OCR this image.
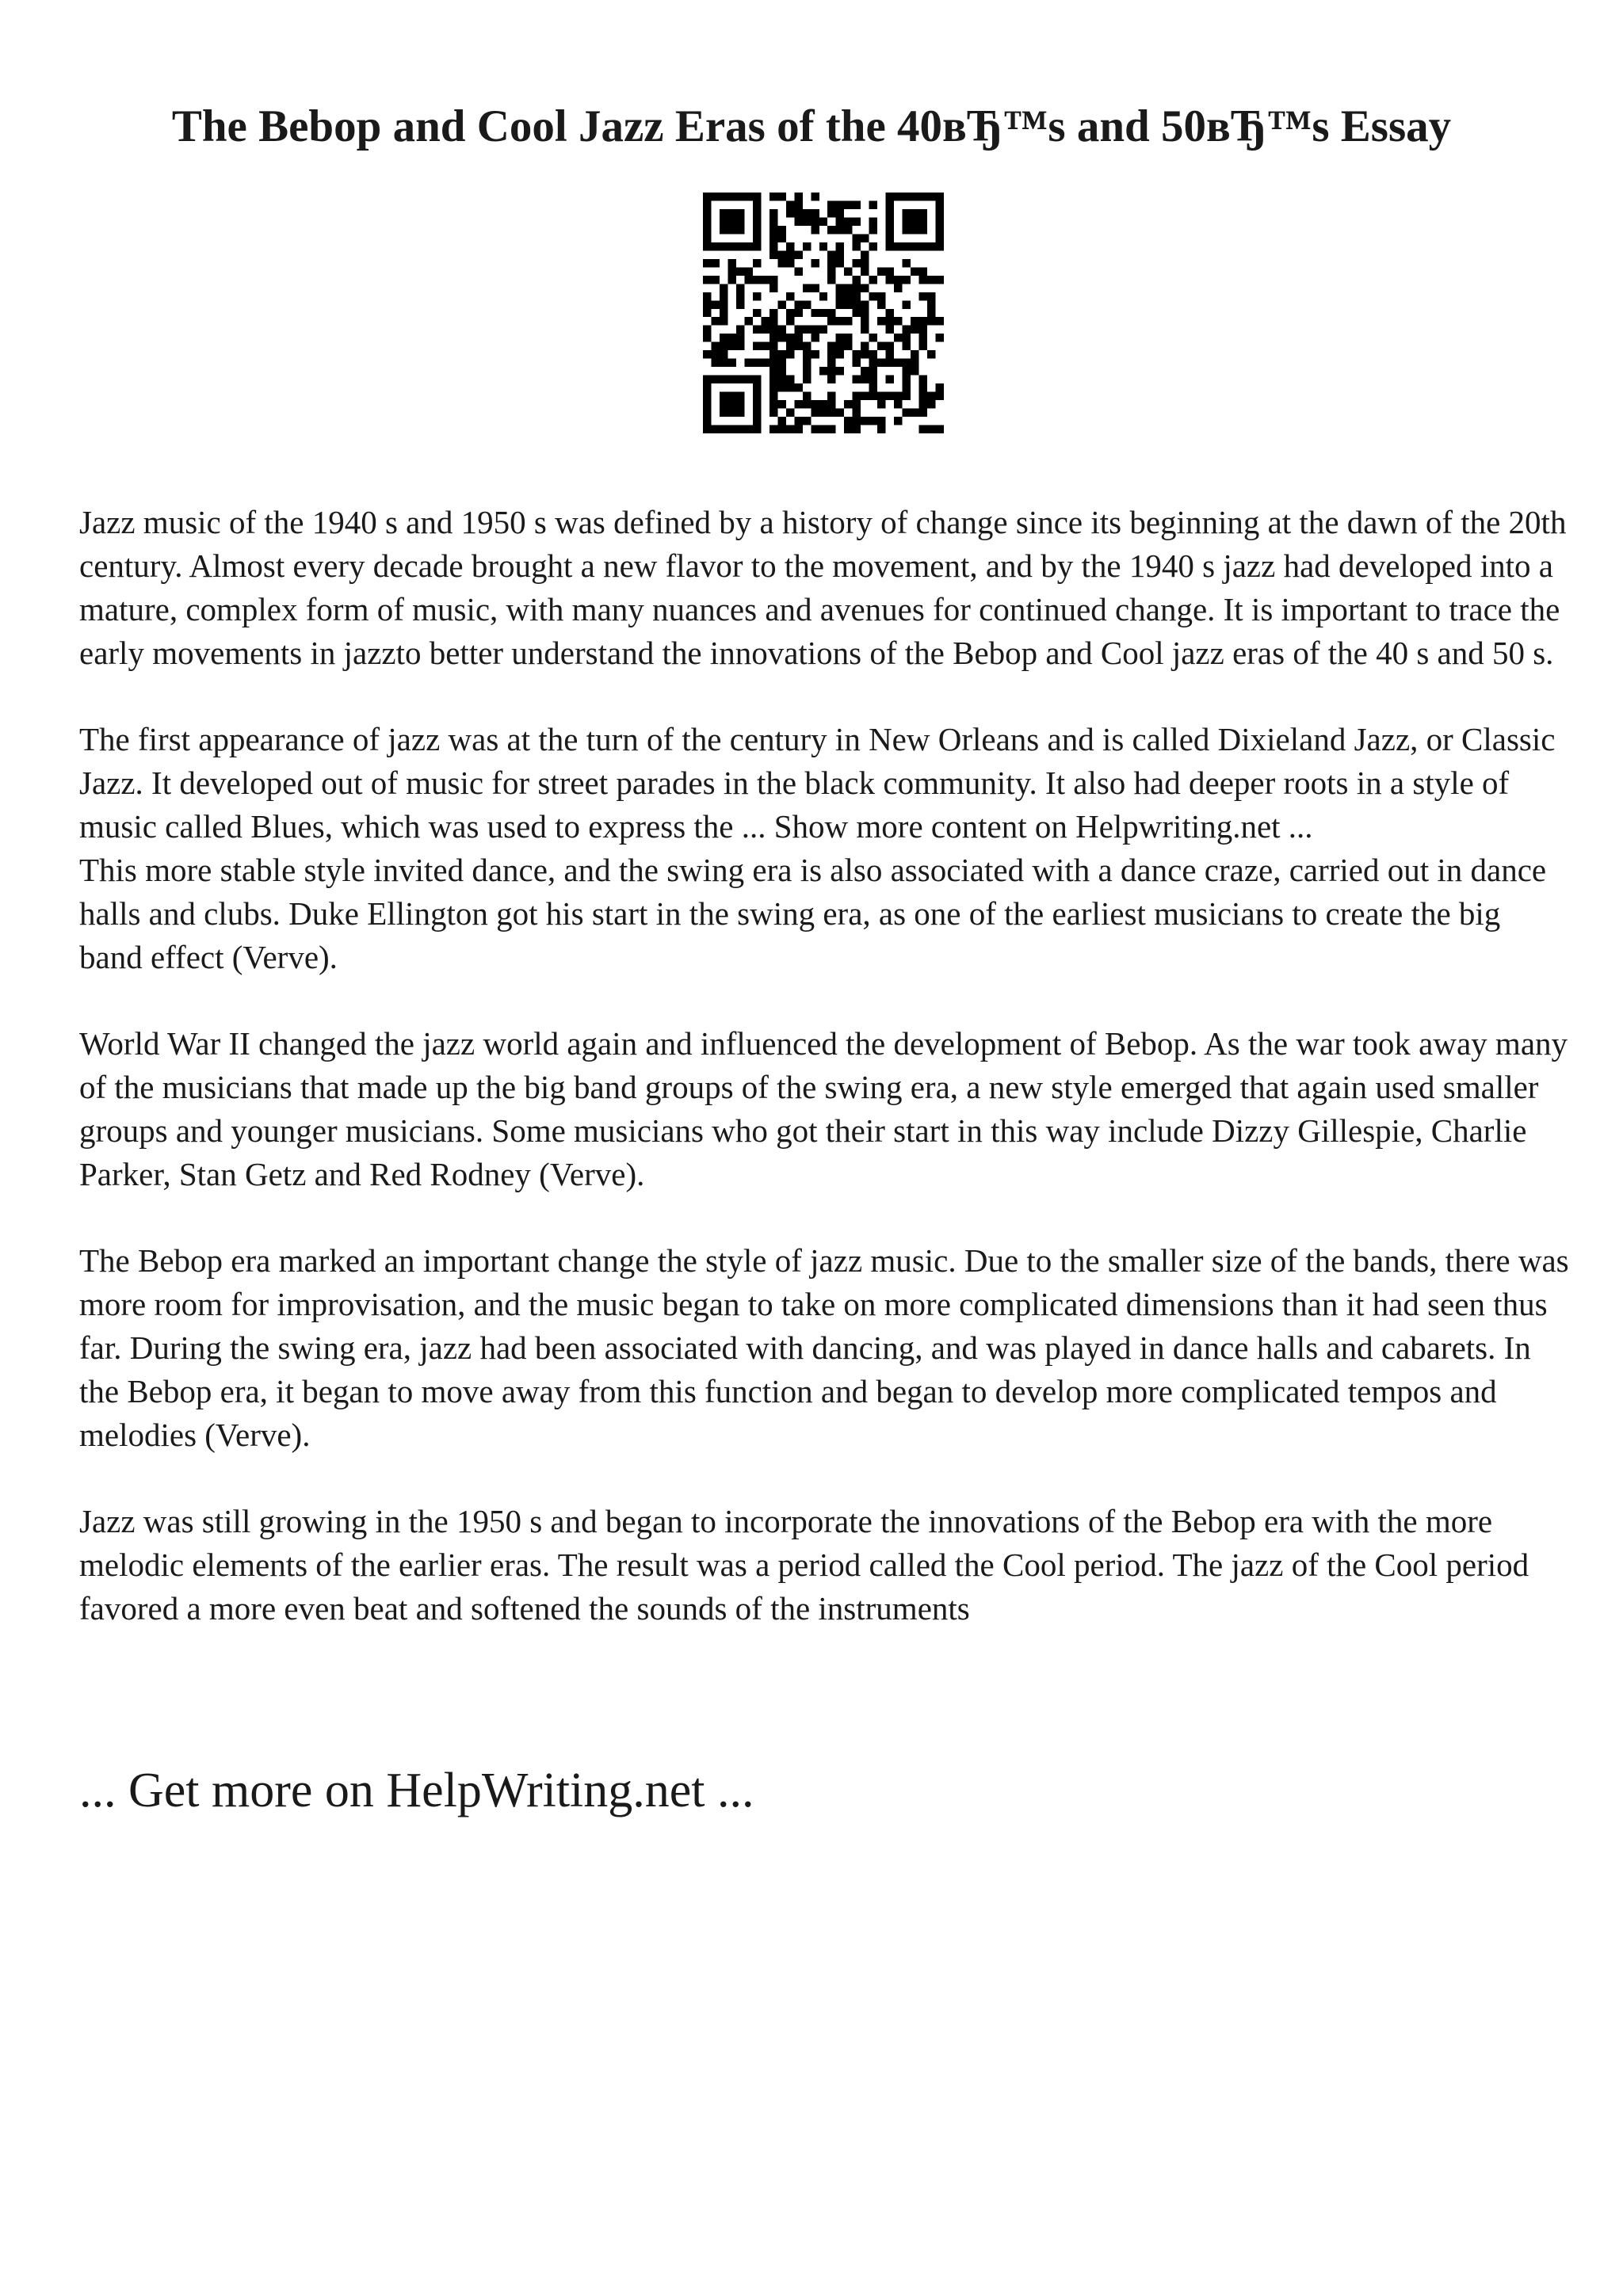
The Bebop and Cool Jazz Eras of the 40вЂ™s and 50вЂ™s Essay

Jazz music of the 1940 s and 1950 s was defined by a history of change since its beginning at the dawn of the 20th century. Almost every decade brought a new flavor to the movement, and by the 1940 s jazz had developed into a mature, complex form of music, with many nuances and avenues for continued change. It is important to trace the early movements in jazzto better understand the innovations of the Bebop and Cool jazz eras of the 40 s and 50 s.

The first appearance of jazz was at the turn of the century in New Orleans and is called Dixieland Jazz, or Classic Jazz. It developed out of music for street parades in the black community. It also had deeper roots in a style of music called Blues, which was used to express the ... Show more content on Helpwriting.net ...

This more stable style invited dance, and the swing era is also associated with a dance craze, carried out in dance halls and clubs. Duke Ellington got his start in the swing era, as one of the earliest musicians to create the big band effect (Verve).

World War II changed the jazz world again and influenced the development of Bebop. As the war took away many of the musicians that made up the big band groups of the swing era, a new style emerged that again used smaller groups and younger musicians. Some musicians who got their start in this way include Dizzy Gillespie, Charlie Parker, Stan Getz and Red Rodney (Verve).

The Bebop era marked an important change the style of jazz music. Due to the smaller size of the bands, there was more room for improvisation, and the music began to take on more complicated dimensions than it had seen thus far. During the swing era, jazz had been associated with dancing, and was played in dance halls and cabarets. In the Bebop era, it began to move away from this function and began to develop more complicated tempos and melodies (Verve).

Jazz was still growing in the 1950 s and began to incorporate the innovations of the Bebop era with the more melodic elements of the earlier eras. The result was a period called the Cool period. The jazz of the Cool period favored a more even beat and softened the sounds of the instruments

... Get more on HelpWriting.net ...
